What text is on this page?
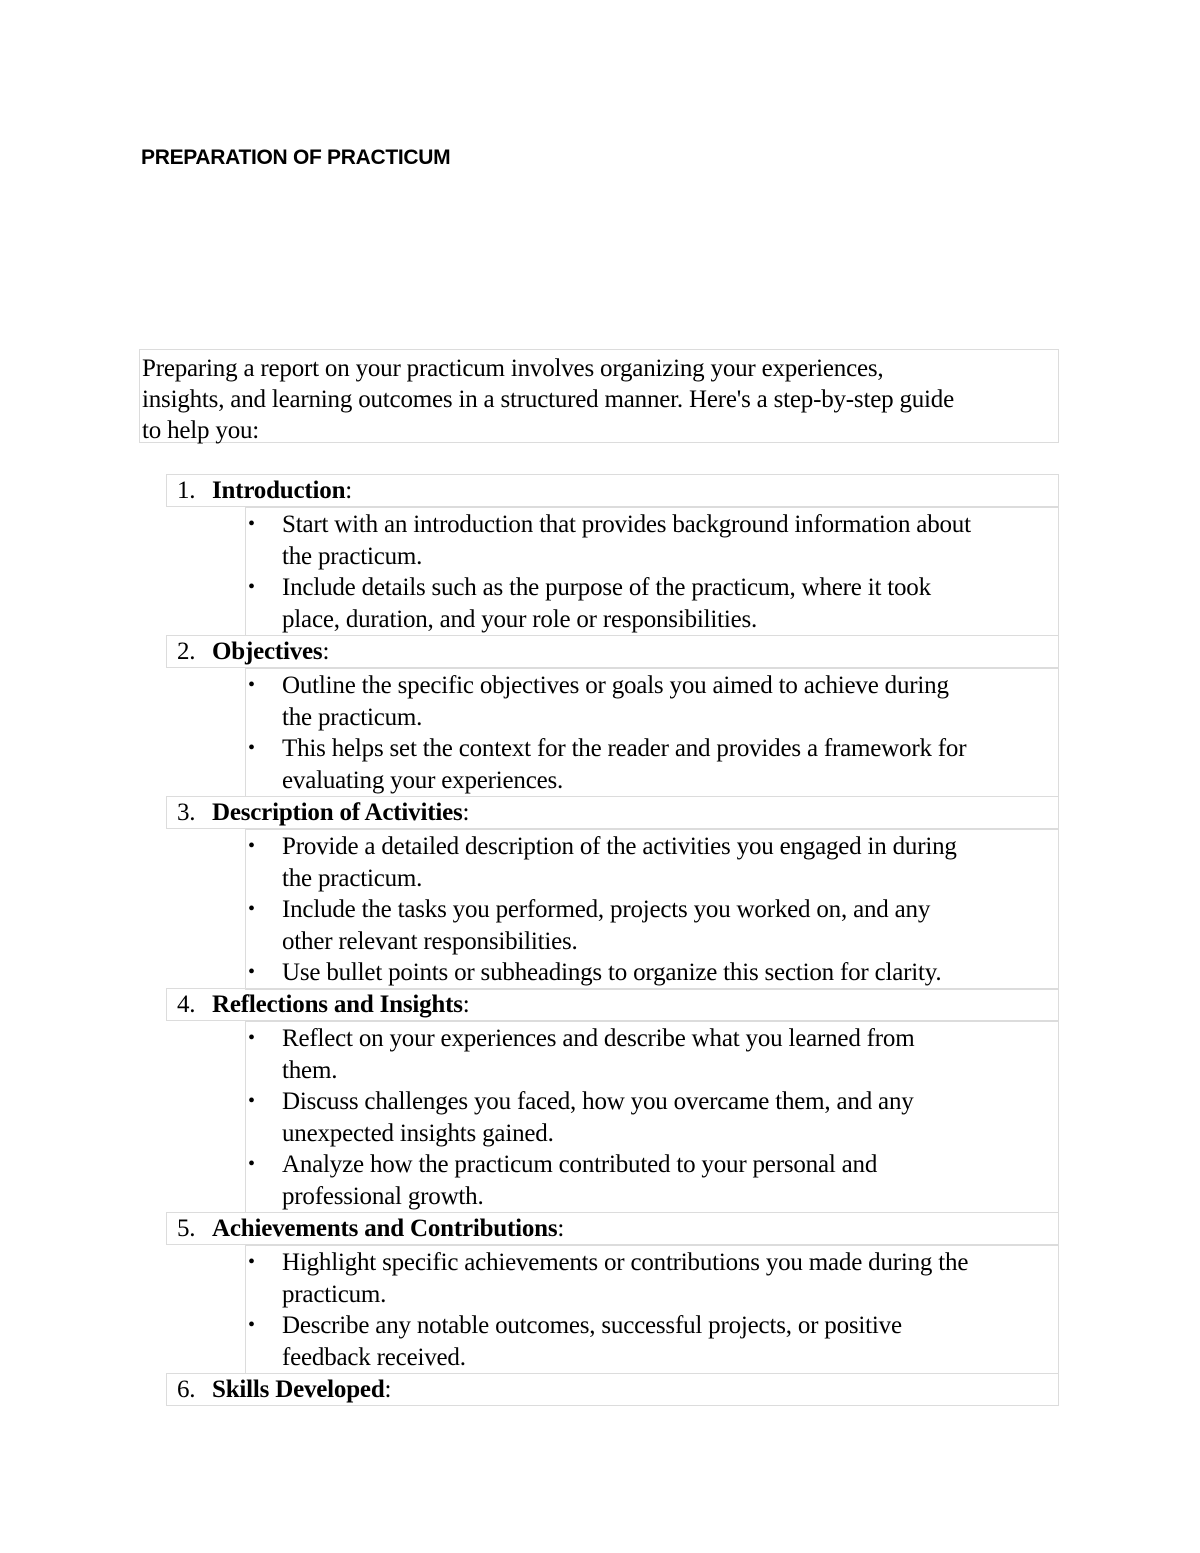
PREPARATION OF PRACTICUM
Preparing a report on your practicum involves organizing your experiences,
insights, and learning outcomes in a structured manner. Here's a step-by-step guide
to help you:
1. Introduction:
• Start with an introduction that provides background information about
the practicum.
• Include details such as the purpose of the practicum, where it took
place, duration, and your role or responsibilities.
2. Objectives:
• Outline the specific objectives or goals you aimed to achieve during
the practicum.
• This helps set the context for the reader and provides a framework for
evaluating your experiences.
3. Description of Activities:
• Provide a detailed description of the activities you engaged in during
the practicum.
• Include the tasks you performed, projects you worked on, and any
other relevant responsibilities.
• Use bullet points or subheadings to organize this section for clarity.
4. Reflections and Insights:
• Reflect on your experiences and describe what you learned from
them.
• Discuss challenges you faced, how you overcame them, and any
unexpected insights gained.
• Analyze how the practicum contributed to your personal and
professional growth.
5. Achievements and Contributions:
• Highlight specific achievements or contributions you made during the
practicum.
• Describe any notable outcomes, successful projects, or positive
feedback received.
6. Skills Developed:
